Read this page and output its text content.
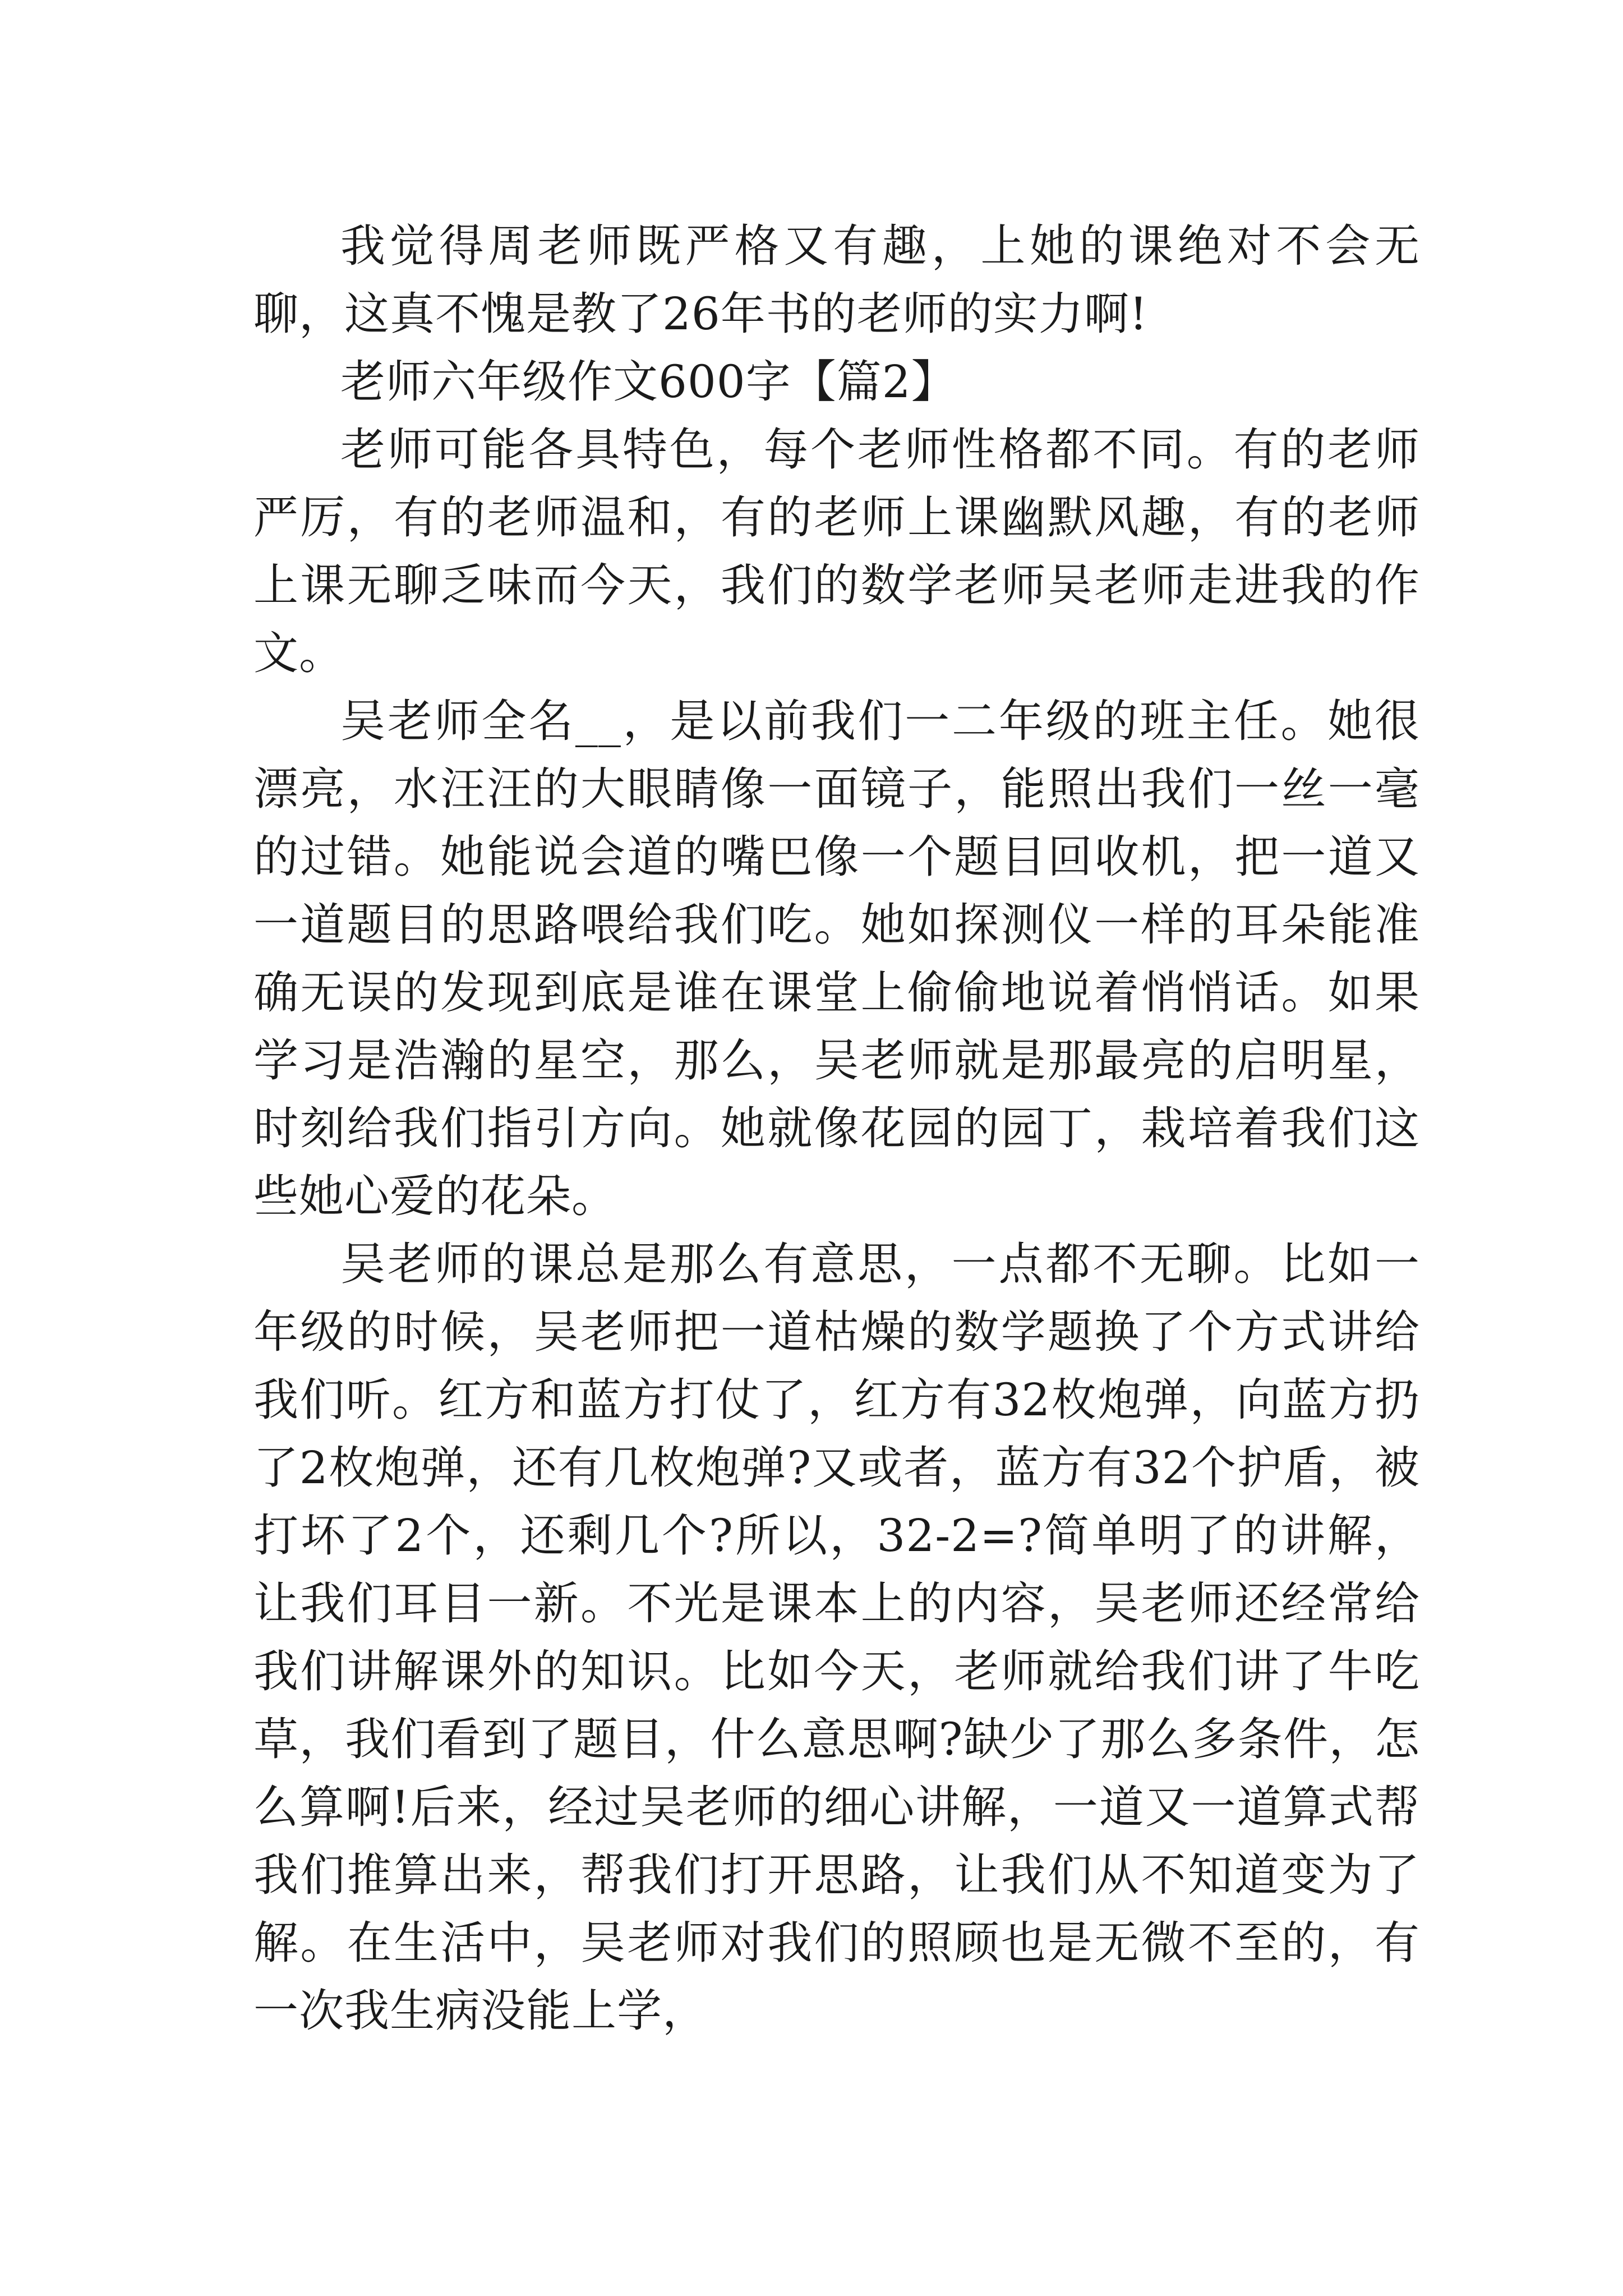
我觉得周老师既严格又有趣，上她的课绝对不会无聊，这真不愧是教了26年书的老师的实力啊!

老师六年级作文600字【篇2】

老师可能各具特色，每个老师性格都不同。有的老师严厉，有的老师温和，有的老师上课幽默风趣，有的老师上课无聊乏味而今天，我们的数学老师吴老师走进我的作文。

吴老师全名__，是以前我们一二年级的班主任。她很漂亮，水汪汪的大眼睛像一面镜子，能照出我们一丝一毫的过错。她能说会道的嘴巴像一个题目回收机，把一道又一道题目的思路喂给我们吃。她如探测仪一样的耳朵能准确无误的发现到底是谁在课堂上偷偷地说着悄悄话。如果学习是浩瀚的星空，那么，吴老师就是那最亮的启明星，时刻给我们指引方向。她就像花园的园丁，栽培着我们这些她心爱的花朵。

吴老师的课总是那么有意思，一点都不无聊。比如一年级的时候，吴老师把一道枯燥的数学题换了个方式讲给我们听。红方和蓝方打仗了，红方有32枚炮弹，向蓝方扔了2枚炮弹，还有几枚炮弹?又或者，蓝方有32个护盾，被打坏了2个，还剩几个?所以，32-2=?简单明了的讲解，让我们耳目一新。不光是课本上的内容，吴老师还经常给我们讲解课外的知识。比如今天，老师就给我们讲了牛吃草，我们看到了题目，什么意思啊?缺少了那么多条件，怎么算啊!后来，经过吴老师的细心讲解，一道又一道算式帮我们推算出来，帮我们打开思路，让我们从不知道变为了解。在生活中，吴老师对我们的照顾也是无微不至的，有一次我生病没能上学，
